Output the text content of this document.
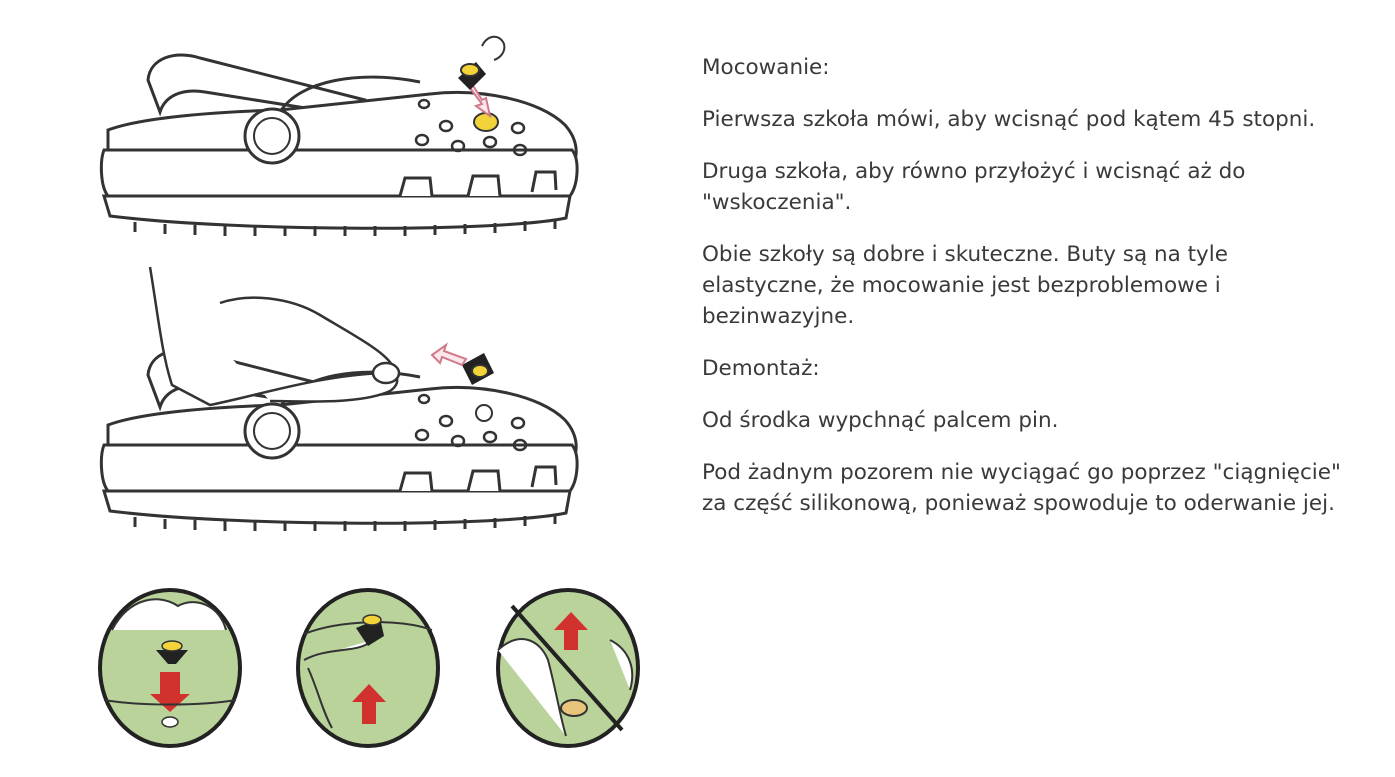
Mocowanie:

Pierwsza szkoła mówi, aby wcisnąć pod kątem 45 stopni.

Druga szkoła, aby równo przyłożyć i wcisnąć aż do "wskoczenia".

Obie szkoły są dobre i skuteczne. Buty są na tyle elastyczne, że mocowanie jest bezproblemowe i bezinwazyjne.

Demontaż:

Od środka wypchnąć palcem pin.

Pod żadnym pozorem nie wyciągać go poprzez "ciągnięcie" za część silikonową, ponieważ spowoduje to oderwanie jej.
